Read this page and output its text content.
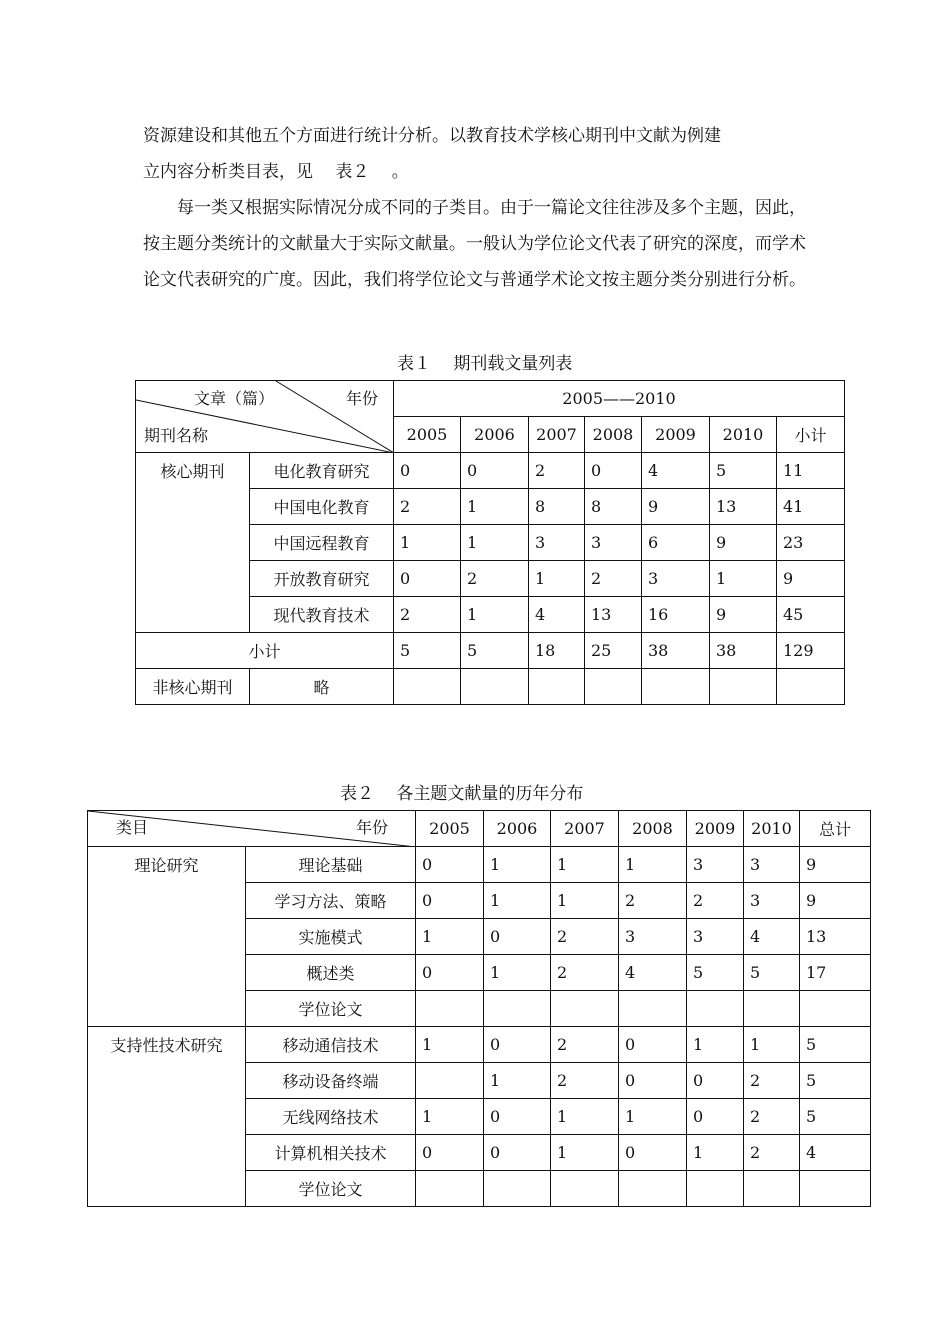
资源建设和其他五个方面进行统计分析。以教育技术学核心期刊中文献为例建
立内容分析类目表，见　 表２　 。

每一类又根据实际情况分成不同的子类目。由于一篇论文往往涉及多个主题，因此，按主题分类统计的文献量大于实际文献量。一般认为学位论文代表了研究的深度，而学术论文代表研究的广度。因此，我们将学位论文与普通学术论文按主题分类分别进行分析。

表１　 期刊载文量列表
文章（篇） 年份
期刊名称		2005——2010						
		2005	2006	2007	2008	2009	2010	小计
核心期刊	电化教育研究	0	0	2	0	4	5	11
	中国电化教育	2	1	8	8	9	13	41
	中国远程教育	1	1	3	3	6	9	23
	开放教育研究	0	2	1	2	3	1	9
	现代教育技术	2	1	4	13	16	9	45
小计		5	5	18	25	38	38	129
非核心期刊	略							
表２　 各主题文献量的历年分布
类目 年份		2005	2006	2007	2008	2009	2010	总计
理论研究	理论基础	0	1	1	1	3	3	9
	学习方法、策略	0	1	1	2	2	3	9
	实施模式	1	0	2	3	3	4	13
	概述类	0	1	2	4	5	5	17
	学位论文							
支持性技术研究	移动通信技术	1	0	2	0	1	1	5
	移动设备终端		1	2	0	0	2	5
	无线网络技术	1	0	1	1	0	2	5
	计算机相关技术	0	0	1	0	1	2	4
	学位论文							
